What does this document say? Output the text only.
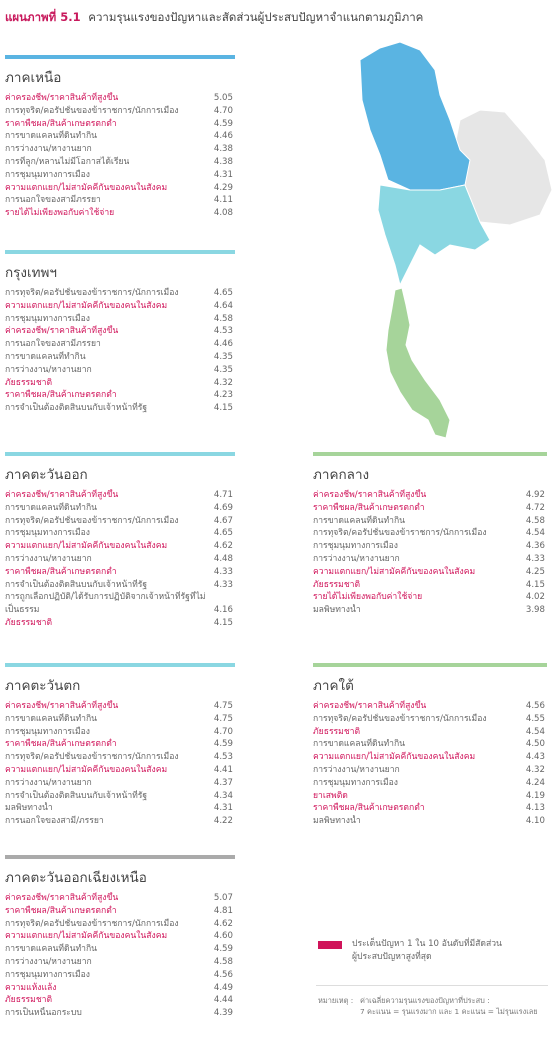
แผนภาพที่ 5.1 ความรุนแรงของปัญหาและสัดส่วนผู้ประสบปัญหาจำแนกตามภูมิภาค
ภาคเหนือ
ค่าครองชีพ/ราคาสินค้าที่สูงขึ้น	5.05
การทุจริต/คอรัปชั่นของข้าราชการ/นักการเมือง	4.70
ราคาพืชผล/สินค้าเกษตรตกต่ำ	4.59
การขาดแคลนที่ดินทำกิน	4.46
การว่างงาน/หางานยาก	4.38
การที่ลูก/หลานไม่มีโอกาสได้เรียน	4.38
การชุมนุมทางการเมือง	4.31
ความแตกแยก/ไม่สามัคคีกันของคนในสังคม	4.29
การนอกใจของสามีภรรยา	4.11
รายได้ไม่เพียงพอกับค่าใช้จ่าย	4.08
กรุงเทพฯ
การทุจริต/คอรัปชั่นของข้าราชการ/นักการเมือง	4.65
ความแตกแยก/ไม่สามัคคีกันของคนในสังคม	4.64
การชุมนุมทางการเมือง	4.58
ค่าครองชีพ/ราคาสินค้าที่สูงขึ้น	4.53
การนอกใจของสามีภรรยา	4.46
การขาดแคลนที่ทำกิน	4.35
การว่างงาน/หางานยาก	4.35
ภัยธรรมชาติ	4.32
ราคาพืชผล/สินค้าเกษตรตกต่ำ	4.23
การจำเป็นต้องติดสินบนกับเจ้าหน้าที่รัฐ	4.15
ภาคตะวันออก
ค่าครองชีพ/ราคาสินค้าที่สูงขึ้น	4.71
การขาดแคลนที่ดินทำกิน	4.69
การทุจริต/คอรัปชั่นของข้าราชการ/นักการเมือง	4.67
การชุมนุมทางการเมือง	4.65
ความแตกแยก/ไม่สามัคคีกันของคนในสังคม	4.62
การว่างงาน/หางานยาก	4.48
ราคาพืชผล/สินค้าเกษตรตกต่ำ	4.33
การจำเป็นต้องติดสินบนกับเจ้าหน้าที่รัฐ	4.33
การถูกเลือกปฏิบัติ/ได้รับการปฏิบัติจากเจ้าหน้าที่รัฐที่ไม่เป็นธรรม	4.16
ภัยธรรมชาติ	4.15
ภาคตะวันตก
ค่าครองชีพ/ราคาสินค้าที่สูงขึ้น	4.75
การขาดแคลนที่ดินทำกิน	4.75
การชุมนุมทางการเมือง	4.70
ราคาพืชผล/สินค้าเกษตรตกต่ำ	4.59
การทุจริต/คอรัปชั่นของข้าราชการ/นักการเมือง	4.53
ความแตกแยก/ไม่สามัคคีกันของคนในสังคม	4.41
การว่างงาน/หางานยาก	4.37
การจำเป็นต้องติดสินบนกับเจ้าหน้าที่รัฐ	4.34
มลพิษทางน้ำ	4.31
การนอกใจของสามี/ภรรยา	4.22
ภาคตะวันออกเฉียงเหนือ
ค่าครองชีพ/ราคาสินค้าที่สูงขึ้น	5.07
ราคาพืชผล/สินค้าเกษตรตกต่ำ	4.81
การทุจริต/คอรัปชั่นของข้าราชการ/นักการเมือง	4.62
ความแตกแยก/ไม่สามัคคีกันของคนในสังคม	4.60
การขาดแคลนที่ดินทำกิน	4.59
การว่างงาน/หางานยาก	4.58
การชุมนุมทางการเมือง	4.56
ความแห้งแล้ง	4.49
ภัยธรรมชาติ	4.44
การเป็นหนี้นอกระบบ	4.39
ภาคกลาง
ค่าครองชีพ/ราคาสินค้าที่สูงขึ้น	4.92
ราคาพืชผล/สินค้าเกษตรตกต่ำ	4.72
การขาดแคลนที่ดินทำกิน	4.58
การทุจริต/คอรัปชั่นของข้าราชการ/นักการเมือง	4.54
การชุมนุมทางการเมือง	4.36
การว่างงาน/หางานยาก	4.33
ความแตกแยก/ไม่สามัคคีกันของคนในสังคม	4.25
ภัยธรรมชาติ	4.15
รายได้ไม่เพียงพอกับค่าใช้จ่าย	4.02
มลพิษทางน้ำ	3.98
ภาคใต้
ค่าครองชีพ/ราคาสินค้าที่สูงขึ้น	4.56
การทุจริต/คอรัปชั่นของข้าราชการ/นักการเมือง	4.55
ภัยธรรมชาติ	4.54
การขาดแคลนที่ดินทำกิน	4.50
ความแตกแยก/ไม่สามัคคีกันของคนในสังคม	4.43
การว่างงาน/หางานยาก	4.32
การชุมนุมทางการเมือง	4.24
ยาเสพติด	4.19
ราคาพืชผล/สินค้าเกษตรตกต่ำ	4.13
มลพิษทางน้ำ	4.10
ประเด็นปัญหา 1 ใน 10 อันดับที่มีสัดส่วนผู้ประสบปัญหาสูงที่สุด
หมายเหตุ : ค่าเฉลี่ยความรุนแรงของปัญหาที่ประสบ :
7 คะแนน = รุนแรงมาก และ 1 คะแนน = ไม่รุนแรงเลย
